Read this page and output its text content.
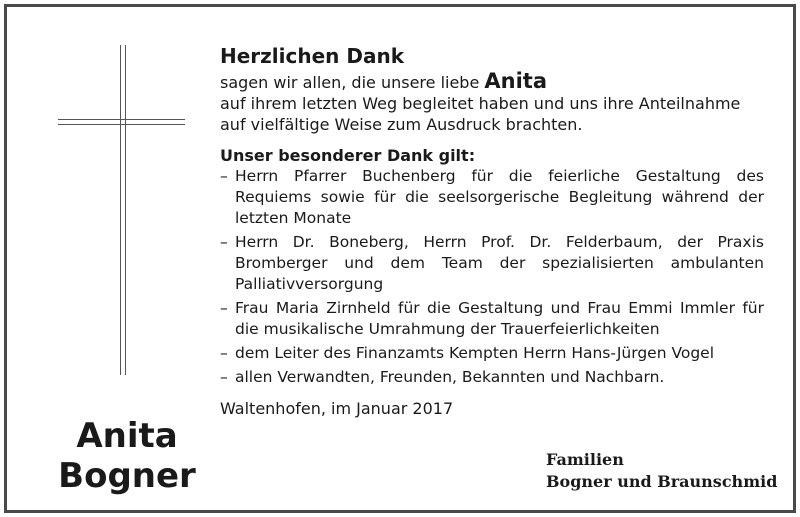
Anita
Bogner
Herzlichen Dank
sagen wir allen, die unsere liebe Anita
auf ihrem letzten Weg begleitet haben und uns ihre Anteilnahme
auf vielfältige Weise zum Ausdruck brachten.
Unser besonderer Dank gilt:
– Herrn Pfarrer Buchenberg für die feierliche Gestaltung des Requiems sowie für die seelsorgerische Begleitung während der letzten Monate
– Herrn Dr. Boneberg, Herrn Prof. Dr. Felderbaum, der Praxis Bromberger und dem Team der spezialisierten ambulanten Palliativversorgung
– Frau Maria Zirnheld für die Gestaltung und Frau Emmi Immler für die musikalische Umrahmung der Trauerfeierlichkeiten
– dem Leiter des Finanzamts Kempten Herrn Hans-Jürgen Vogel
– allen Verwandten, Freunden, Bekannten und Nachbarn.
Waltenhofen, im Januar 2017
Familien
Bogner und Braunschmid
